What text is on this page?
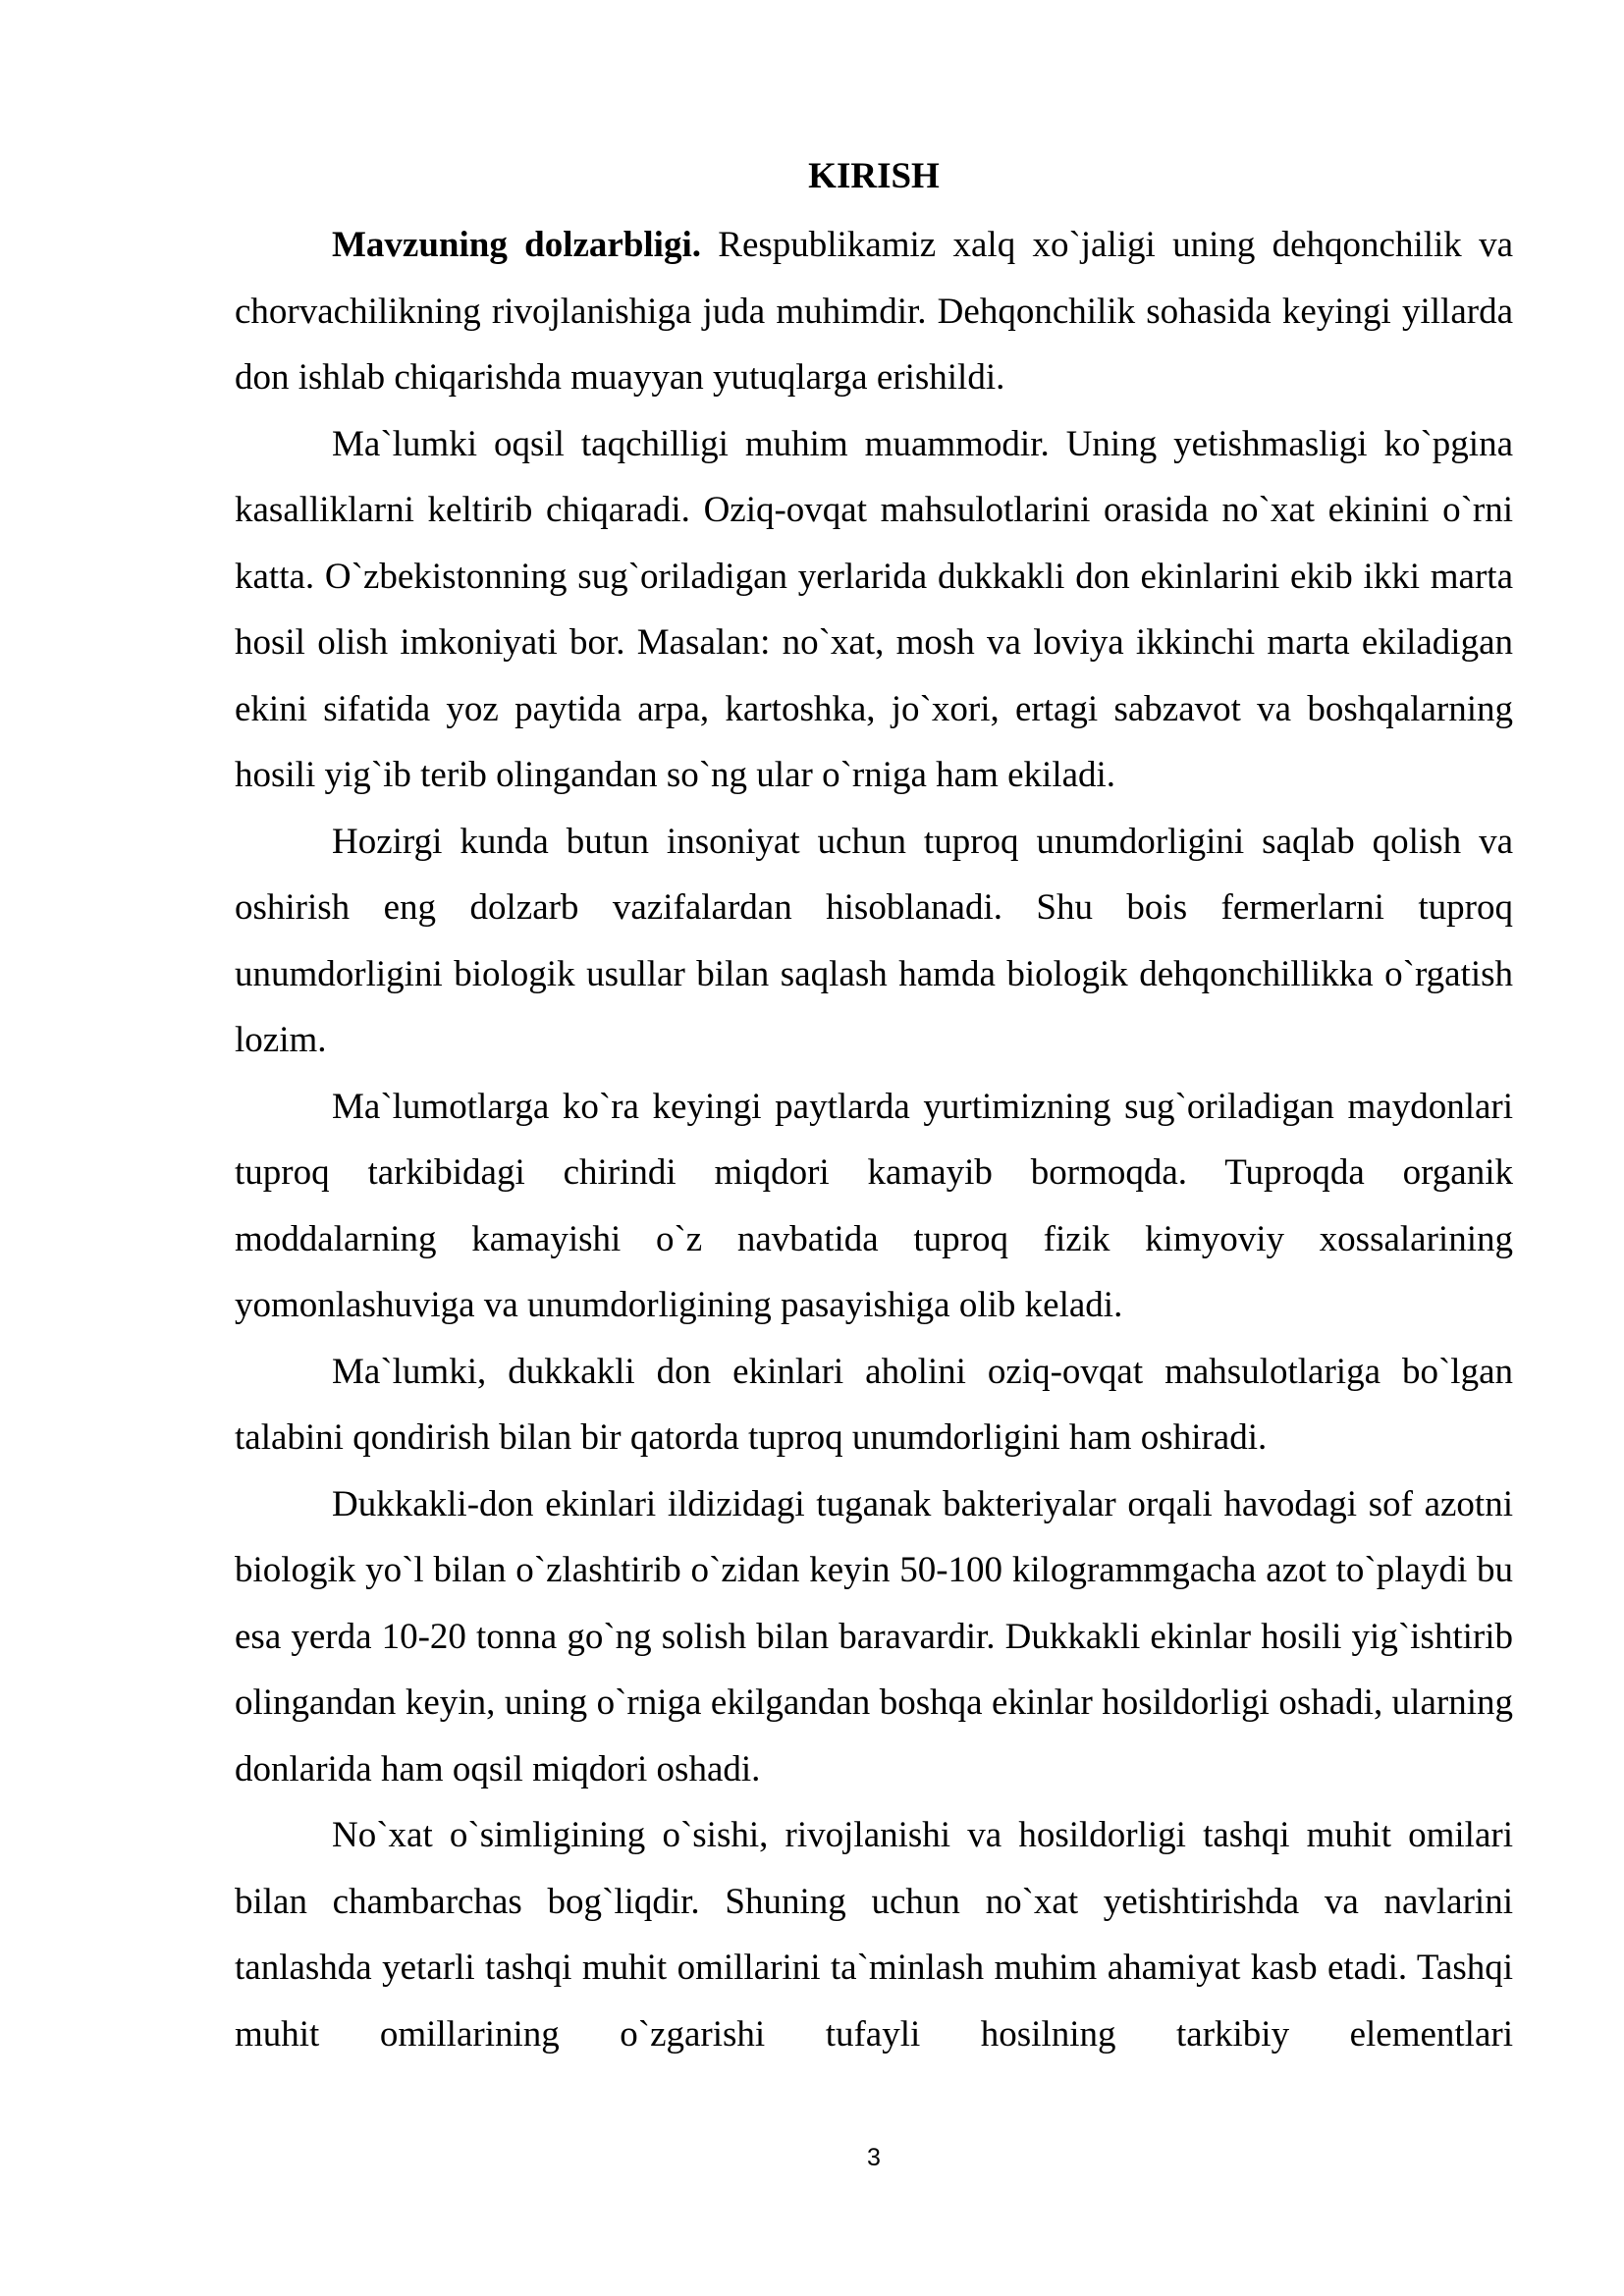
KIRISH

Mavzuning dolzarbligi. Respublikamiz xalq xo`jaligi uning dehqonchilik va chorvachilikning rivojlanishiga juda muhimdir. Dehqonchilik sohasida keyingi yillarda don ishlab chiqarishda muayyan yutuqlarga erishildi.

Ma`lumki oqsil taqchilligi muhim muammodir. Uning yetishmasligi ko`pgina kasalliklarni keltirib chiqaradi. Oziq-ovqat mahsulotlarini orasida no`xat ekinini o`rni katta. O`zbekistonning sug`oriladigan yerlarida dukkakli don ekinlarini ekib ikki marta hosil olish imkoniyati bor. Masalan: no`xat, mosh va loviya ikkinchi marta ekiladigan ekini sifatida yoz paytida arpa, kartoshka, jo`xori, ertagi sabzavot va boshqalarning hosili yig`ib terib olingandan so`ng ular o`rniga ham ekiladi.

Hozirgi kunda butun insoniyat uchun tuproq unumdorligini saqlab qolish va oshirish eng dolzarb vazifalardan hisoblanadi. Shu bois fermerlarni tuproq unumdorligini biologik usullar bilan saqlash hamda biologik dehqonchillikka o`rgatish lozim.

Ma`lumotlarga ko`ra keyingi paytlarda yurtimizning sug`oriladigan maydonlari tuproq tarkibidagi chirindi miqdori kamayib bormoqda. Tuproqda organik moddalarning kamayishi o`z navbatida tuproq fizik kimyoviy xossalarining yomonlashuviga va unumdorligining pasayishiga olib keladi.

Ma`lumki, dukkakli don ekinlari aholini oziq-ovqat mahsulotlariga bo`lgan talabini qondirish bilan bir qatorda tuproq unumdorligini ham oshiradi.

Dukkakli-don ekinlari ildizidagi tuganak bakteriyalar orqali havodagi sof azotni biologik yo`l bilan o`zlashtirib o`zidan keyin 50-100 kilogrammgacha azot to`playdi bu esa yerda 10-20 tonna go`ng solish bilan baravardir. Dukkakli ekinlar hosili yig`ishtirib olingandan keyin, uning o`rniga ekilgandan boshqa ekinlar hosildorligi oshadi, ularning donlarida ham oqsil miqdori oshadi.

No`xat o`simligining o`sishi, rivojlanishi va hosildorligi tashqi muhit omilari bilan chambarchas bog`liqdir. Shuning uchun no`xat yetishtirishda va navlarini tanlashda yetarli tashqi muhit omillarini ta`minlash muhim ahamiyat kasb etadi. Tashqi muhit omillarining o`zgarishi tufayli hosilning tarkibiy elementlari

3
